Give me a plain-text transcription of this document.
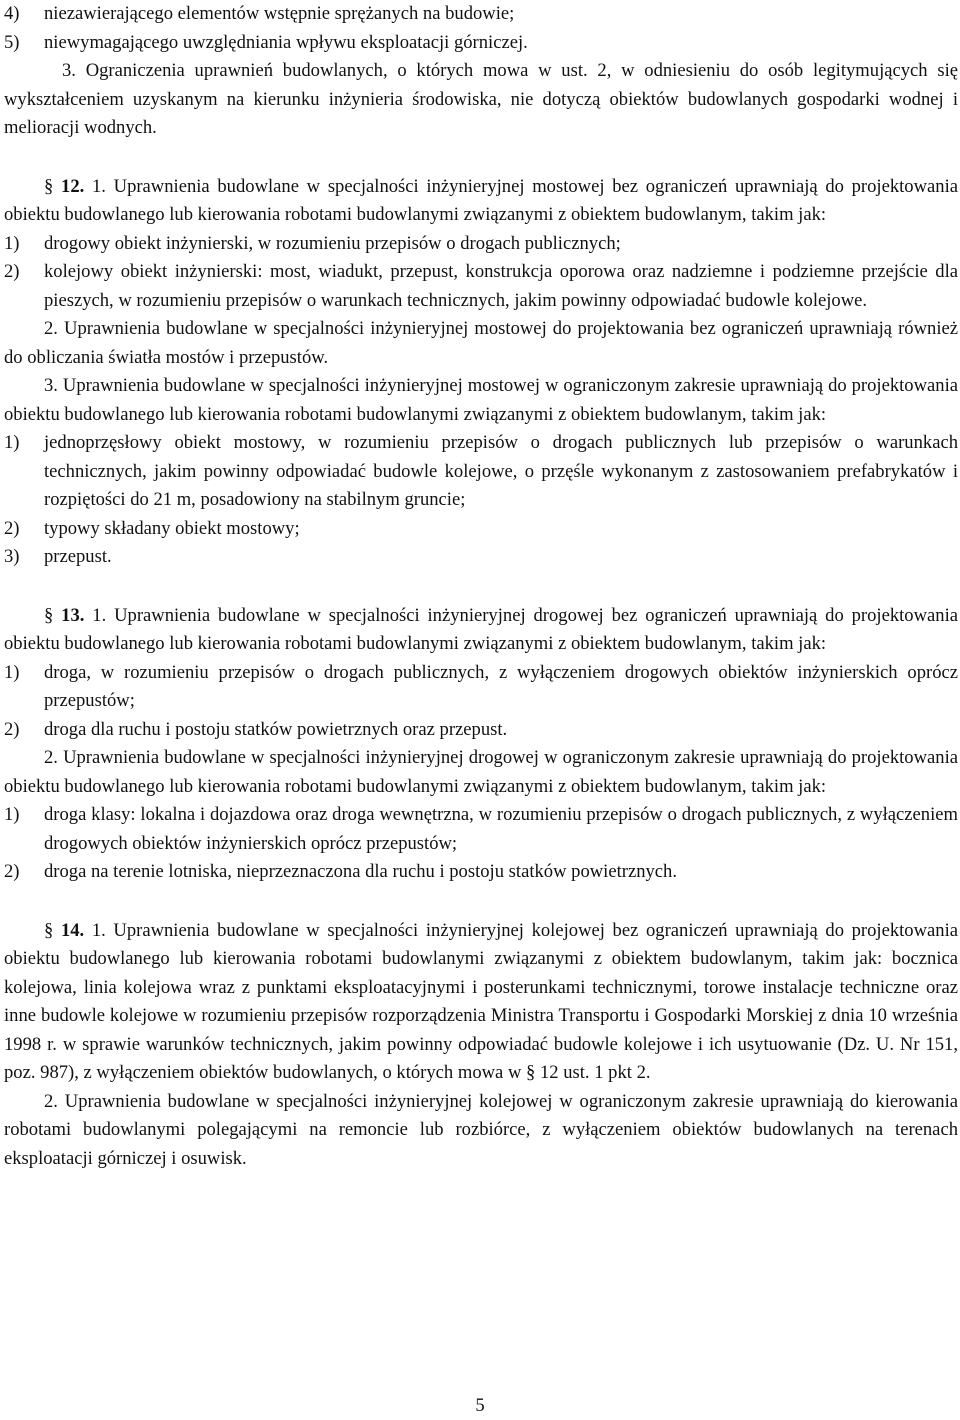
4) niezawierającego elementów wstępnie sprężanych na budowie;
5) niewymagającego uwzględniania wpływu eksploatacji górniczej.

3. Ograniczenia uprawnień budowlanych, o których mowa w ust. 2, w odniesieniu do osób legitymujących się wykształceniem uzyskanym na kierunku inżynieria środowiska, nie dotyczą obiektów budowlanych gospodarki wodnej i melioracji wodnych.

§ 12. 1. Uprawnienia budowlane w specjalności inżynieryjnej mostowej bez ograniczeń uprawniają do projektowania obiektu budowlanego lub kierowania robotami budowlanymi związanymi z obiektem budowlanym, takim jak:

1) drogowy obiekt inżynierski, w rozumieniu przepisów o drogach publicznych;
2) kolejowy obiekt inżynierski: most, wiadukt, przepust, konstrukcja oporowa oraz nadziemne i podziemne przejście dla pieszych, w rozumieniu przepisów o warunkach technicznych, jakim powinny odpowiadać budowle kolejowe.

2. Uprawnienia budowlane w specjalności inżynieryjnej mostowej do projektowania bez ograniczeń uprawniają również do obliczania światła mostów i przepustów.

3. Uprawnienia budowlane w specjalności inżynieryjnej mostowej w ograniczonym zakresie uprawniają do projektowania obiektu budowlanego lub kierowania robotami budowlanymi związanymi z obiektem budowlanym, takim jak:

1) jednoprzęsłowy obiekt mostowy, w rozumieniu przepisów o drogach publicznych lub przepisów o warunkach technicznych, jakim powinny odpowiadać budowle kolejowe, o przęśle wykonanym z zastosowaniem prefabrykatów i rozpiętości do 21 m, posadowiony na stabilnym gruncie;
2) typowy składany obiekt mostowy;
3) przepust.

§ 13. 1. Uprawnienia budowlane w specjalności inżynieryjnej drogowej bez ograniczeń uprawniają do projektowania obiektu budowlanego lub kierowania robotami budowlanymi związanymi z obiektem budowlanym, takim jak:

1) droga, w rozumieniu przepisów o drogach publicznych, z wyłączeniem drogowych obiektów inżynierskich oprócz przepustów;
2) droga dla ruchu i postoju statków powietrznych oraz przepust.

2. Uprawnienia budowlane w specjalności inżynieryjnej drogowej w ograniczonym zakresie uprawniają do projektowania obiektu budowlanego lub kierowania robotami budowlanymi związanymi z obiektem budowlanym, takim jak:

1) droga klasy: lokalna i dojazdowa oraz droga wewnętrzna, w rozumieniu przepisów o drogach publicznych, z wyłączeniem drogowych obiektów inżynierskich oprócz przepustów;
2) droga na terenie lotniska, nieprzeznaczona dla ruchu i postoju statków powietrznych.

§ 14. 1. Uprawnienia budowlane w specjalności inżynieryjnej kolejowej bez ograniczeń uprawniają do projektowania obiektu budowlanego lub kierowania robotami budowlanymi związanymi z obiektem budowlanym, takim jak: bocznica kolejowa, linia kolejowa wraz z punktami eksploatacyjnymi i posterunkami technicznymi, torowe instalacje techniczne oraz inne budowle kolejowe w rozumieniu przepisów rozporządzenia Ministra Transportu i Gospodarki Morskiej z dnia 10 września 1998 r. w sprawie warunków technicznych, jakim powinny odpowiadać budowle kolejowe i ich usytuowanie (Dz. U. Nr 151, poz. 987), z wyłączeniem obiektów budowlanych, o których mowa w § 12 ust. 1 pkt 2.

2. Uprawnienia budowlane w specjalności inżynieryjnej kolejowej w ograniczonym zakresie uprawniają do kierowania robotami budowlanymi polegającymi na remoncie lub rozbiórce, z wyłączeniem obiektów budowlanych na terenach eksploatacji górniczej i osuwisk.

5
